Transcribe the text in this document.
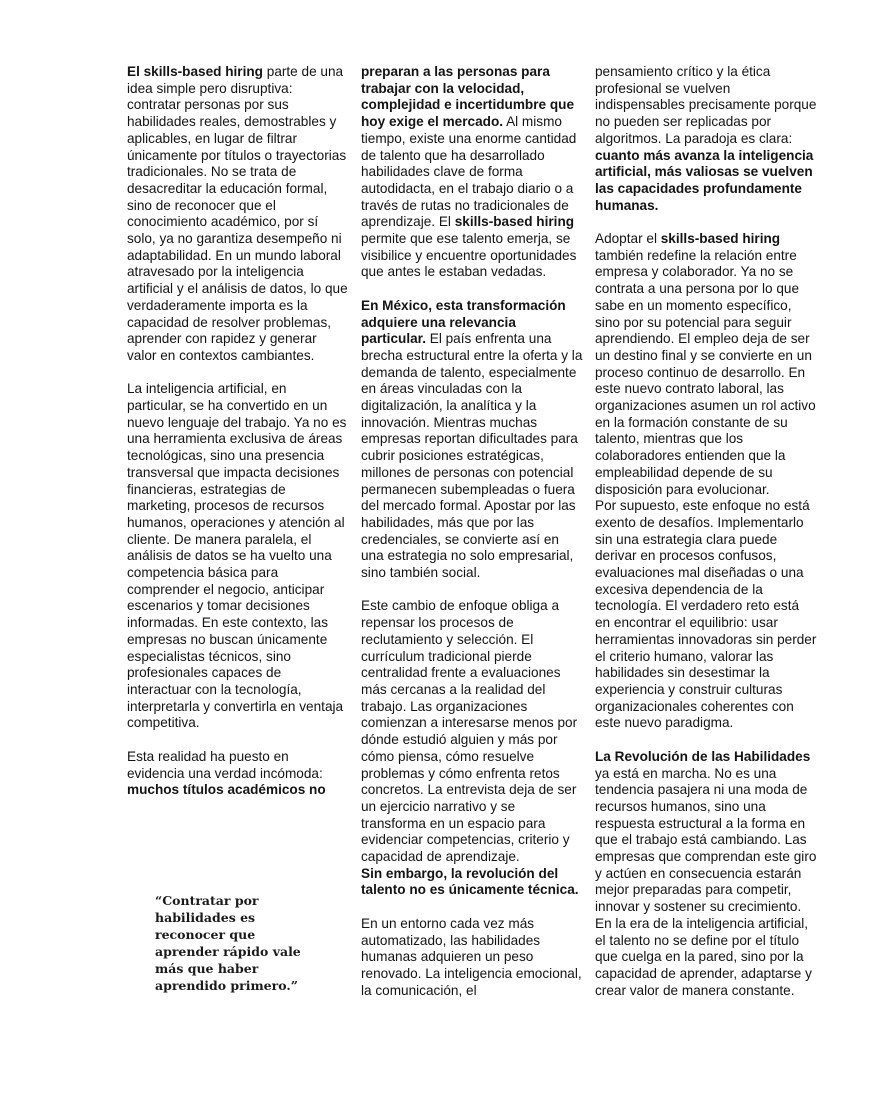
El skills-based hiring parte de una idea simple pero disruptiva: contratar personas por sus habilidades reales, demostrables y aplicables, en lugar de filtrar únicamente por títulos o trayectorias tradicionales. No se trata de desacreditar la educación formal, sino de reconocer que el conocimiento académico, por sí solo, ya no garantiza desempeño ni adaptabilidad. En un mundo laboral atravesado por la inteligencia artificial y el análisis de datos, lo que verdaderamente importa es la capacidad de resolver problemas, aprender con rapidez y generar valor en contextos cambiantes.

La inteligencia artificial, en particular, se ha convertido en un nuevo lenguaje del trabajo. Ya no es una herramienta exclusiva de áreas tecnológicas, sino una presencia transversal que impacta decisiones financieras, estrategias de marketing, procesos de recursos humanos, operaciones y atención al cliente. De manera paralela, el análisis de datos se ha vuelto una competencia básica para comprender el negocio, anticipar escenarios y tomar decisiones informadas. En este contexto, las empresas no buscan únicamente especialistas técnicos, sino profesionales capaces de interactuar con la tecnología, interpretarla y convertirla en ventaja competitiva.

Esta realidad ha puesto en evidencia una verdad incómoda: muchos títulos académicos no

preparan a las personas para trabajar con la velocidad, complejidad e incertidumbre que hoy exige el mercado. Al mismo tiempo, existe una enorme cantidad de talento que ha desarrollado habilidades clave de forma autodidacta, en el trabajo diario o a través de rutas no tradicionales de aprendizaje. El skills-based hiring permite que ese talento emerja, se visibilice y encuentre oportunidades que antes le estaban vedadas.

En México, esta transformación adquiere una relevancia particular. El país enfrenta una brecha estructural entre la oferta y la demanda de talento, especialmente en áreas vinculadas con la digitalización, la analítica y la innovación. Mientras muchas empresas reportan dificultades para cubrir posiciones estratégicas, millones de personas con potencial permanecen subempleadas o fuera del mercado formal. Apostar por las habilidades, más que por las credenciales, se convierte así en una estrategia no solo empresarial, sino también social.

Este cambio de enfoque obliga a repensar los procesos de reclutamiento y selección. El currículum tradicional pierde centralidad frente a evaluaciones más cercanas a la realidad del trabajo. Las organizaciones comienzan a interesarse menos por dónde estudió alguien y más por cómo piensa, cómo resuelve problemas y cómo enfrenta retos concretos. La entrevista deja de ser un ejercicio narrativo y se transforma en un espacio para evidenciar competencias, criterio y capacidad de aprendizaje.
Sin embargo, la revolución del talento no es únicamente técnica.

En un entorno cada vez más automatizado, las habilidades humanas adquieren un peso renovado. La inteligencia emocional, la comunicación, el

pensamiento crítico y la ética profesional se vuelven indispensables precisamente porque no pueden ser replicadas por algoritmos. La paradoja es clara: cuanto más avanza la inteligencia artificial, más valiosas se vuelven las capacidades profundamente humanas.

Adoptar el skills-based hiring también redefine la relación entre empresa y colaborador. Ya no se contrata a una persona por lo que sabe en un momento específico, sino por su potencial para seguir aprendiendo. El empleo deja de ser un destino final y se convierte en un proceso continuo de desarrollo. En este nuevo contrato laboral, las organizaciones asumen un rol activo en la formación constante de su talento, mientras que los colaboradores entienden que la empleabilidad depende de su disposición para evolucionar.
Por supuesto, este enfoque no está exento de desafíos. Implementarlo sin una estrategia clara puede derivar en procesos confusos, evaluaciones mal diseñadas o una excesiva dependencia de la tecnología. El verdadero reto está en encontrar el equilibrio: usar herramientas innovadoras sin perder el criterio humano, valorar las habilidades sin desestimar la experiencia y construir culturas organizacionales coherentes con este nuevo paradigma.

La Revolución de las Habilidades ya está en marcha. No es una tendencia pasajera ni una moda de recursos humanos, sino una respuesta estructural a la forma en que el trabajo está cambiando. Las empresas que comprendan este giro y actúen en consecuencia estarán mejor preparadas para competir, innovar y sostener su crecimiento. En la era de la inteligencia artificial, el talento no se define por el título que cuelga en la pared, sino por la capacidad de aprender, adaptarse y crear valor de manera constante.

“Contratar por habilidades es reconocer que aprender rápido vale más que haber aprendido primero.”
